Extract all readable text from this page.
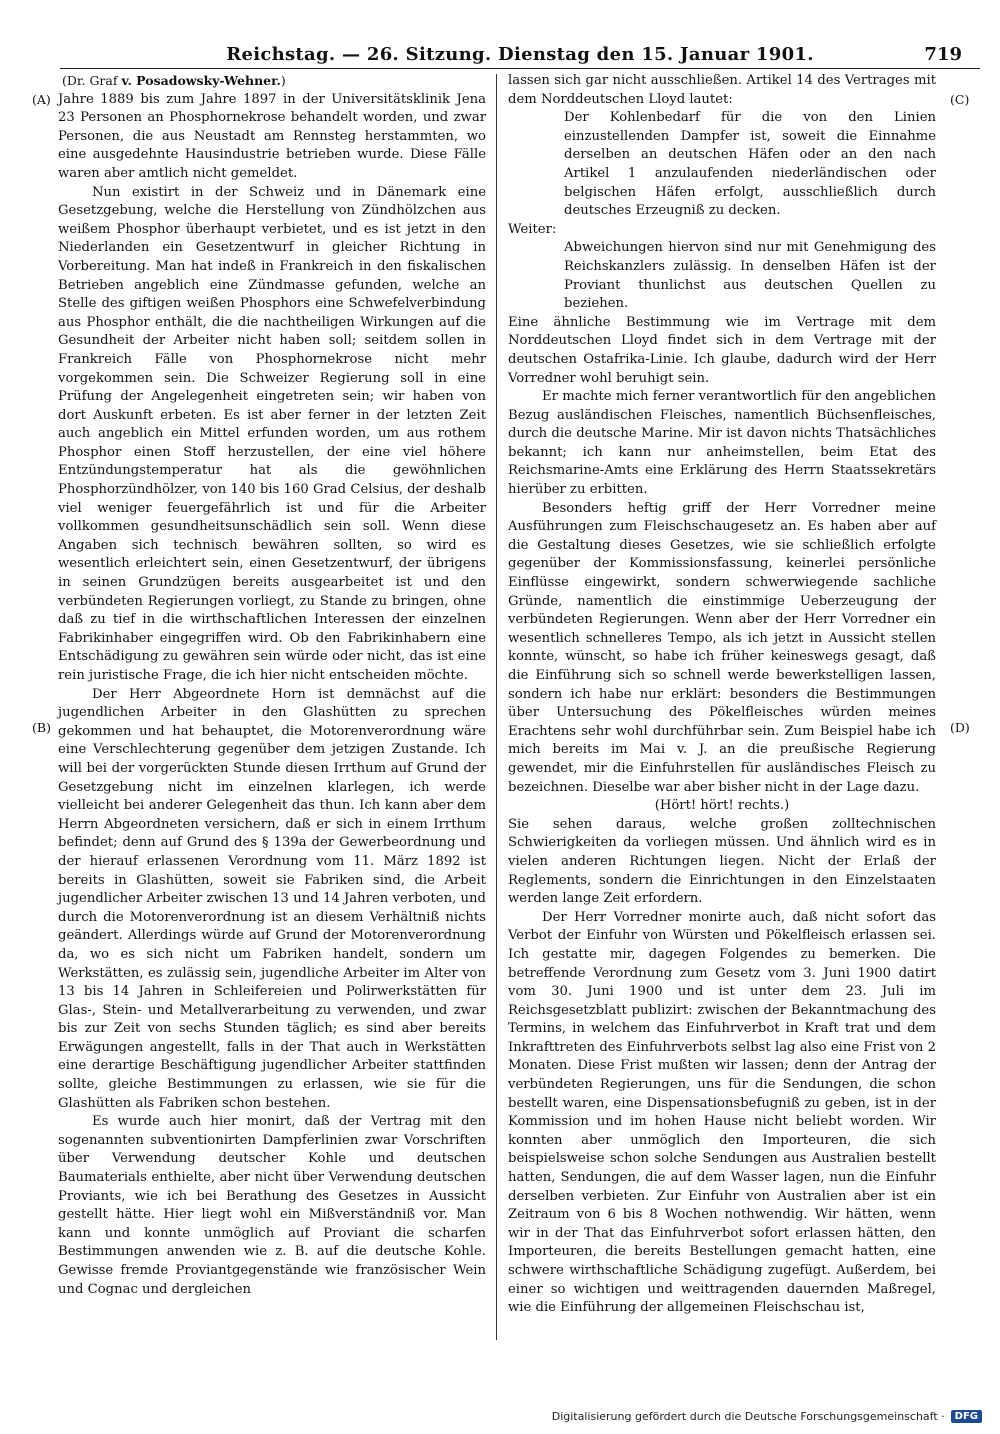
Reichstag. — 26. Sitzung. Dienstag den 15. Januar 1901.	719
(A)
(B)
(C)
(D)
(Dr. Graf v. Posadowsky-Wehner.)

Jahre 1889 bis zum Jahre 1897 in der Universitätsklinik Jena 23 Personen an Phosphornekrose behandelt worden, und zwar Personen, die aus Neustadt am Rennsteg herstammten, wo eine ausgedehnte Hausindustrie betrieben wurde. Diese Fälle waren aber amtlich nicht gemeldet.

Nun existirt in der Schweiz und in Dänemark eine Gesetzgebung, welche die Herstellung von Zündhölzchen aus weißem Phosphor überhaupt verbietet, und es ist jetzt in den Niederlanden ein Gesetzentwurf in gleicher Richtung in Vorbereitung. Man hat indeß in Frankreich in den fiskalischen Betrieben angeblich eine Zündmasse gefunden, welche an Stelle des giftigen weißen Phosphors eine Schwefelverbindung aus Phosphor enthält, die die nachtheiligen Wirkungen auf die Gesundheit der Arbeiter nicht haben soll; seitdem sollen in Frankreich Fälle von Phosphornekrose nicht mehr vorgekommen sein. Die Schweizer Regierung soll in eine Prüfung der Angelegenheit eingetreten sein; wir haben von dort Auskunft erbeten. Es ist aber ferner in der letzten Zeit auch angeblich ein Mittel erfunden worden, um aus rothem Phosphor einen Stoff herzustellen, der eine viel höhere Entzündungstemperatur hat als die gewöhnlichen Phosphorzündhölzer, von 140 bis 160 Grad Celsius, der deshalb viel weniger feuergefährlich ist und für die Arbeiter vollkommen gesundheitsunschädlich sein soll. Wenn diese Angaben sich technisch bewähren sollten, so wird es wesentlich erleichtert sein, einen Gesetzentwurf, der übrigens in seinen Grundzügen bereits ausgearbeitet ist und den verbündeten Regierungen vorliegt, zu Stande zu bringen, ohne daß zu tief in die wirthschaftlichen Interessen der einzelnen Fabrikinhaber eingegriffen wird. Ob den Fabrikinhabern eine Entschädigung zu gewähren sein würde oder nicht, das ist eine rein juristische Frage, die ich hier nicht entscheiden möchte.

Der Herr Abgeordnete Horn ist demnächst auf die jugendlichen Arbeiter in den Glashütten zu sprechen gekommen und hat behauptet, die Motorenverordnung wäre eine Verschlechterung gegenüber dem jetzigen Zustande. Ich will bei der vorgerückten Stunde diesen Irrthum auf Grund der Gesetzgebung nicht im einzelnen klarlegen, ich werde vielleicht bei anderer Gelegenheit das thun. Ich kann aber dem Herrn Abgeordneten versichern, daß er sich in einem Irrthum befindet; denn auf Grund des § 139a der Gewerbeordnung und der hierauf erlassenen Verordnung vom 11. März 1892 ist bereits in Glashütten, soweit sie Fabriken sind, die Arbeit jugendlicher Arbeiter zwischen 13 und 14 Jahren verboten, und durch die Motorenverordnung ist an diesem Verhältniß nichts geändert. Allerdings würde auf Grund der Motorenverordnung da, wo es sich nicht um Fabriken handelt, sondern um Werkstätten, es zulässig sein, jugendliche Arbeiter im Alter von 13 bis 14 Jahren in Schleifereien und Polirwerkstätten für Glas-, Stein- und Metallverarbeitung zu verwenden, und zwar bis zur Zeit von sechs Stunden täglich; es sind aber bereits Erwägungen angestellt, falls in der That auch in Werkstätten eine derartige Beschäftigung jugendlicher Arbeiter stattfinden sollte, gleiche Bestimmungen zu erlassen, wie sie für die Glashütten als Fabriken schon bestehen.

Es wurde auch hier monirt, daß der Vertrag mit den sogenannten subventionirten Dampferlinien zwar Vorschriften über Verwendung deutscher Kohle und deutschen Baumaterials enthielte, aber nicht über Verwendung deutschen Proviants, wie ich bei Berathung des Gesetzes in Aussicht gestellt hätte. Hier liegt wohl ein Mißverständniß vor. Man kann und konnte unmöglich auf Proviant die scharfen Bestimmungen anwenden wie z. B. auf die deutsche Kohle. Gewisse fremde Proviantgegenstände wie französischer Wein und Cognac und dergleichen

lassen sich gar nicht ausschließen. Artikel 14 des Vertrages mit dem Norddeutschen Lloyd lautet:

Der Kohlenbedarf für die von den Linien einzustellenden Dampfer ist, soweit die Einnahme derselben an deutschen Häfen oder an den nach Artikel 1 anzulaufenden niederländischen oder belgischen Häfen erfolgt, ausschließlich durch deutsches Erzeugniß zu decken.

Weiter:

Abweichungen hiervon sind nur mit Genehmigung des Reichskanzlers zulässig. In denselben Häfen ist der Proviant thunlichst aus deutschen Quellen zu beziehen.

Eine ähnliche Bestimmung wie im Vertrage mit dem Norddeutschen Lloyd findet sich in dem Vertrage mit der deutschen Ostafrika-Linie. Ich glaube, dadurch wird der Herr Vorredner wohl beruhigt sein.

Er machte mich ferner verantwortlich für den angeblichen Bezug ausländischen Fleisches, namentlich Büchsenfleisches, durch die deutsche Marine. Mir ist davon nichts Thatsächliches bekannt; ich kann nur anheimstellen, beim Etat des Reichsmarine-Amts eine Erklärung des Herrn Staatssekretärs hierüber zu erbitten.

Besonders heftig griff der Herr Vorredner meine Ausführungen zum Fleischschaugesetz an. Es haben aber auf die Gestaltung dieses Gesetzes, wie sie schließlich erfolgte gegenüber der Kommissionsfassung, keinerlei persönliche Einflüsse eingewirkt, sondern schwerwiegende sachliche Gründe, namentlich die einstimmige Ueberzeugung der verbündeten Regierungen. Wenn aber der Herr Vorredner ein wesentlich schnelleres Tempo, als ich jetzt in Aussicht stellen konnte, wünscht, so habe ich früher keineswegs gesagt, daß die Einführung sich so schnell werde bewerkstelligen lassen, sondern ich habe nur erklärt: besonders die Bestimmungen über Untersuchung des Pökelfleisches würden meines Erachtens sehr wohl durchführbar sein. Zum Beispiel habe ich mich bereits im Mai v. J. an die preußische Regierung gewendet, mir die Einfuhrstellen für ausländisches Fleisch zu bezeichnen. Dieselbe war aber bisher nicht in der Lage dazu.

(Hört! hört! rechts.)

Sie sehen daraus, welche großen zolltechnischen Schwierigkeiten da vorliegen müssen. Und ähnlich wird es in vielen anderen Richtungen liegen. Nicht der Erlaß der Reglements, sondern die Einrichtungen in den Einzelstaaten werden lange Zeit erfordern.

Der Herr Vorredner monirte auch, daß nicht sofort das Verbot der Einfuhr von Würsten und Pökelfleisch erlassen sei. Ich gestatte mir, dagegen Folgendes zu bemerken. Die betreffende Verordnung zum Gesetz vom 3. Juni 1900 datirt vom 30. Juni 1900 und ist unter dem 23. Juli im Reichsgesetzblatt publizirt: zwischen der Bekanntmachung des Termins, in welchem das Einfuhrverbot in Kraft trat und dem Inkrafttreten des Einfuhrverbots selbst lag also eine Frist von 2 Monaten. Diese Frist mußten wir lassen; denn der Antrag der verbündeten Regierungen, uns für die Sendungen, die schon bestellt waren, eine Dispensationsbefugniß zu geben, ist in der Kommission und im hohen Hause nicht beliebt worden. Wir konnten aber unmöglich den Importeuren, die sich beispielsweise schon solche Sendungen aus Australien bestellt hatten, Sendungen, die auf dem Wasser lagen, nun die Einfuhr derselben verbieten. Zur Einfuhr von Australien aber ist ein Zeitraum von 6 bis 8 Wochen nothwendig. Wir hätten, wenn wir in der That das Einfuhrverbot sofort erlassen hätten, den Importeuren, die bereits Bestellungen gemacht hatten, eine schwere wirthschaftliche Schädigung zugefügt. Außerdem, bei einer so wichtigen und weittragenden dauernden Maßregel, wie die Einführung der allgemeinen Fleischschau ist,

Digitalisierung gefördert durch die Deutsche Forschungsgemeinschaft ·	DFG
